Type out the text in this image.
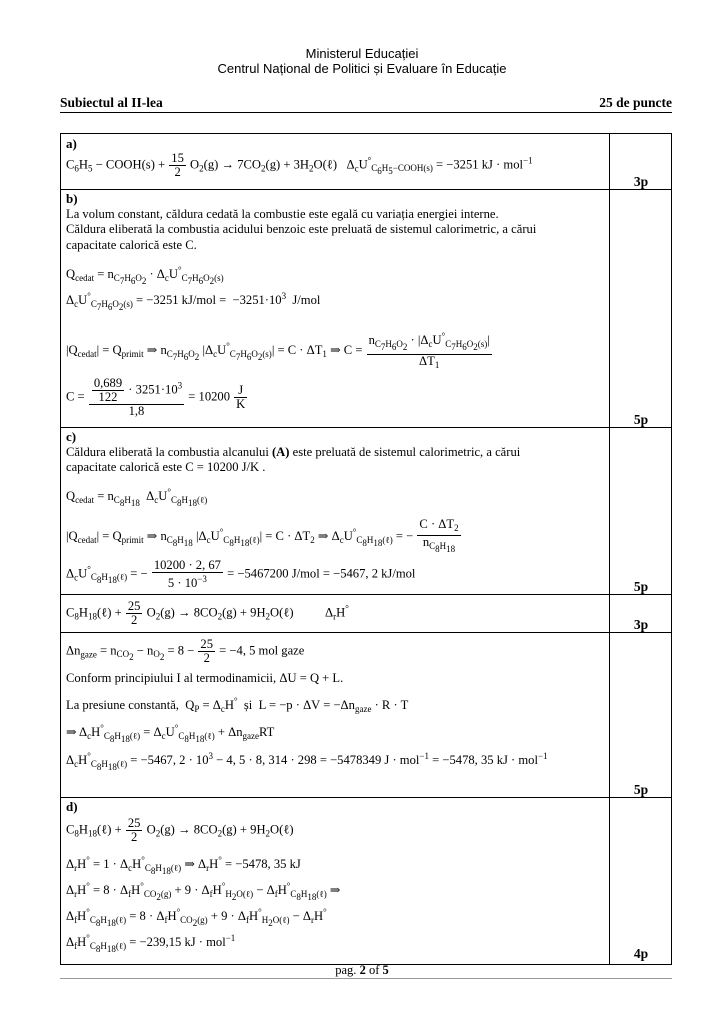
Ministerul Educației
Centrul Național de Politici și Evaluare în Educație
Subiectul al II-lea	25 de puncte
a)
$C_6H_5$ − COOH(s) + $\frac{15}{2} O_2(g) \to 7CO_2(g)$ + $3H_2O(\ell) \Delta_cU^\circ_{C_6H_5-COOH(s)} = -3251$ kJ · mol$^{-1}$
3p
b)
La volum constant, căldura cedată la combustie este egală cu variația energiei interne.
Căldura eliberată la combustia acidului benzoic este preluată de sistemul calorimetric, a cărui
capacitate calorică este C.
$Q_{cedat} = n_{C_7H_6O_2} \cdot \Delta_cU^\circ_{C_7H_6O_2(s)}$
$\Delta_cU^\circ_{C_7H_6O_2(s)} = -3251$ $kJ/mol = -3251\cdot 10^3$  J/mol
$|Q_{cedat}| = Q_{primit}$ ⇒ $n_{C_7H_6O_2}$ $|\Delta_cU^\circ_{C_7H_6O_2(s)}| = C \cdot \Delta T_1$ ⇒ $C = \frac{n_{C_7H_6O_2} \cdot |\Delta_cU^\circ_{C_7H_6O_2(s)}|}{\Delta T_1}$
$C = \frac{\frac{0,689}{122} \cdot 3251\cdot 10^3}{1,8} = 10200 \frac{J}{K}$
5p
c)
Căldura eliberată la combustia alcanului (A) este preluată de sistemul calorimetric, a cărui
capacitate calorică este C = 10200 J/K .
$Q_{cedat} = n_{C_8H_{18}}$  $\Delta_cU^\circ_{C_8H_{18}(\ell)}$
$|Q_{cedat}| = Q_{primit}$ ⇒ $n_{C_8H_{18}}$ $|\Delta_cU^\circ_{C_8H_{18}(\ell)}| = C \cdot \Delta T_2$ ⇒ $\Delta_cU^\circ_{C_8H_{18}(\ell)}$ = − $\frac{C \cdot \Delta T_2}{n_{C_8H_{18}}}$
$\Delta_cU^\circ_{C_8H_{18}(\ell)}$ = − $\frac{10200 \cdot 2, 67}{5 \cdot 10^{-3}} = -5467200$ J/mol = −5467, 2 kJ/mol
5p
$C_8H_{18}(\ell) + \frac{25}{2} O_2(g) \to 8CO_2(g)$ + $9H_2O(\ell)$          $\Delta_rH^\circ$
3p
$\Delta n_{gaze} = n_{CO_2} - n_{O_2} = 8 - \frac{25}{2} = -4$, 5 mol gaze
Conform principiului I al termodinamicii, ΔU = Q + L.
La presiune constantă,  $Q_P = \Delta_cH^\circ$  și  $L = -p \cdot \Delta V = -\Delta n_{gaze} \cdot R \cdot T$
⇒ $\Delta_cH^\circ_{C_8H_{18}(\ell)} = \Delta_cU^\circ_{C_8H_{18}(\ell)} + \Delta n_{gaze}RT$
$\Delta_cH^\circ_{C_8H_{18}(\ell)} = -5467$, $2 \cdot 10^3 - 4$, 5 · 8, 314 · 298 = −5478349 J · mol$^{-1}$ = −5478, 35 kJ · mol$^{-1}$
5p
d)
$C_8H_{18}(\ell) + \frac{25}{2} O_2(g) \to 8CO_2(g)$ + $9H_2O(\ell)$
$\Delta_rH^\circ = 1 \cdot \Delta_cH^\circ_{C_8H_{18}(\ell)}$ ⇒ $\Delta_rH^\circ = -5478$, 35 kJ
$\Delta_rH^\circ = 8 \cdot \Delta_fH^\circ_{CO_2(g)} + 9 \cdot \Delta_fH^\circ_{H_2O(\ell)} - \Delta_fH^\circ_{C_8H_{18}(\ell)}$ ⇒
$\Delta_fH^\circ_{C_8H_{18}(\ell)} = 8 \cdot \Delta_fH^\circ_{CO_2(g)} + 9 \cdot \Delta_fH^\circ_{H_2O(\ell)} - \Delta_rH^\circ$
$\Delta_fH^\circ_{C_8H_{18}(\ell)} = -239,15$ kJ · mol$^{-1}$
4p
pag. 2 of 5
